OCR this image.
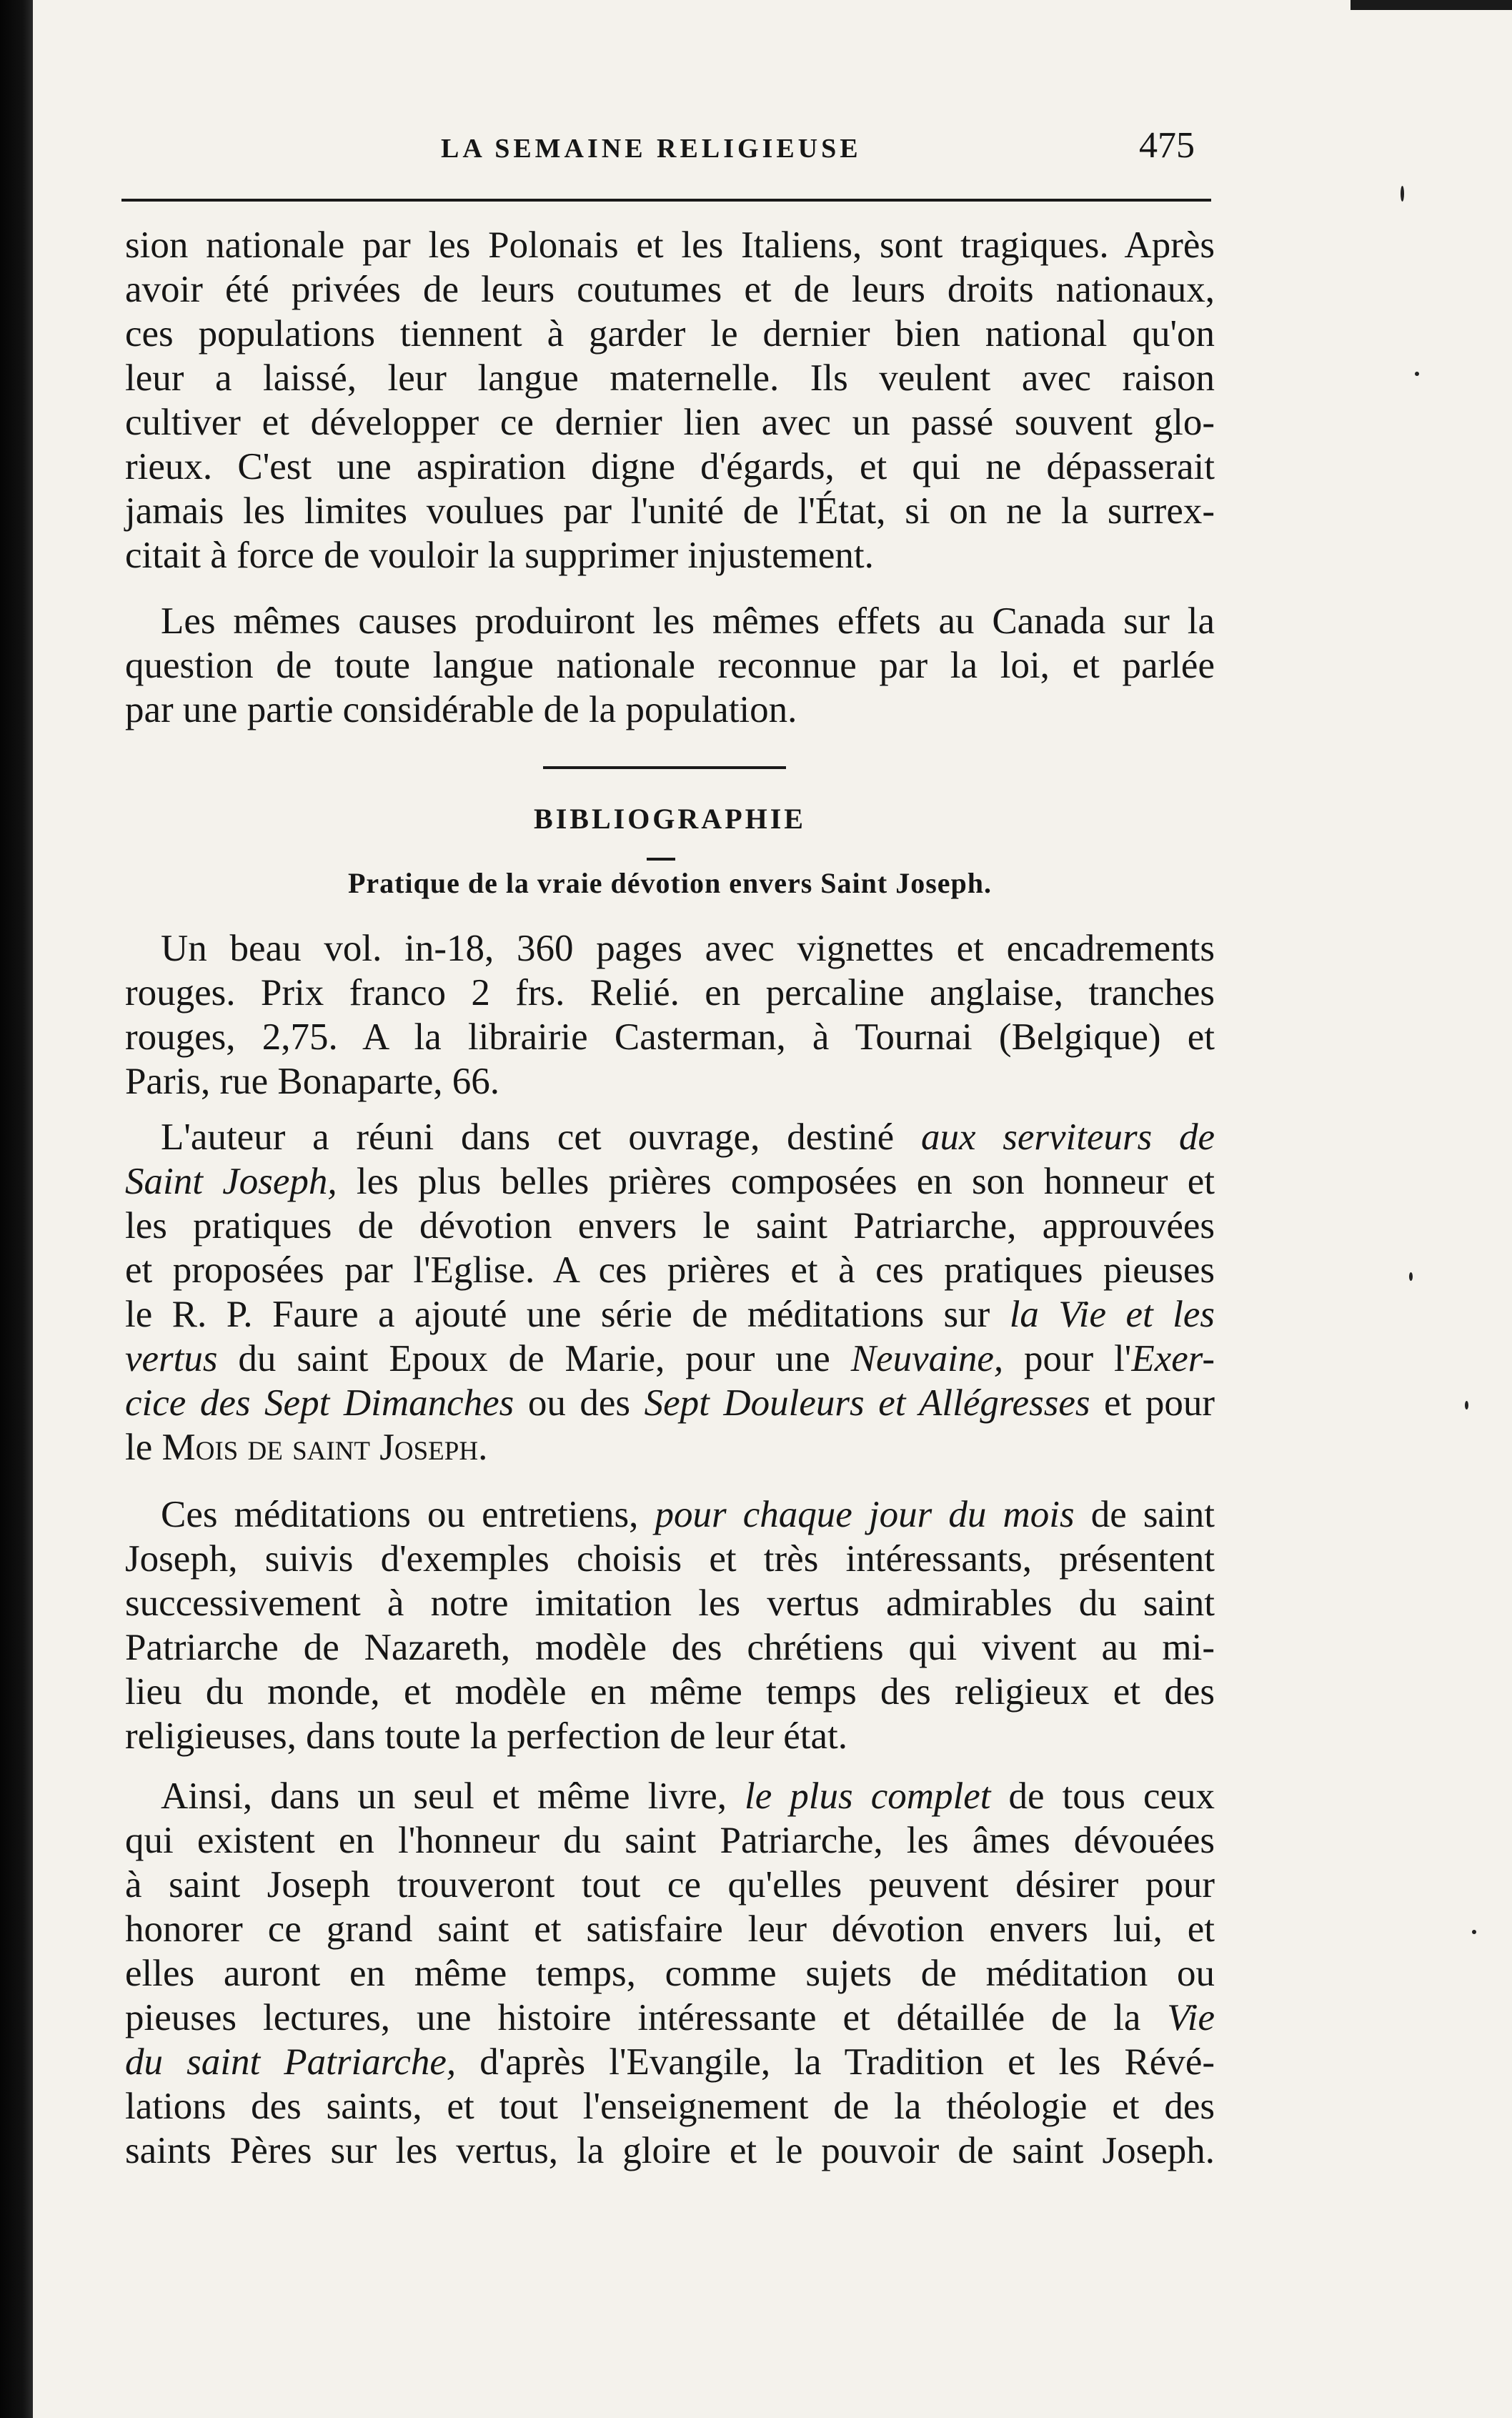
LA SEMAINE RELIGIEUSE	475
sion nationale par les Polonais et les Italiens, sont tragiques. Après
avoir été privées de leurs coutumes et de leurs droits nationaux,
ces populations tiennent à garder le dernier bien national qu'on
leur a laissé, leur langue maternelle. Ils veulent avec raison
cultiver et développer ce dernier lien avec un passé souvent glo-
rieux. C'est une aspiration digne d'égards, et qui ne dépasserait
jamais les limites voulues par l'unité de l'État, si on ne la surrex-
citait à force de vouloir la supprimer injustement.
Les mêmes causes produiront les mêmes effets au Canada sur la
question de toute langue nationale reconnue par la loi, et parlée
par une partie considérable de la population.
BIBLIOGRAPHIE
Pratique de la vraie dévotion envers Saint Joseph.
Un beau vol. in-18, 360 pages avec vignettes et encadrements
rouges. Prix franco 2 frs. Relié. en percaline anglaise, tranches
rouges, 2,75. A la librairie Casterman, à Tournai (Belgique) et
Paris, rue Bonaparte, 66.
L'auteur a réuni dans cet ouvrage, destiné aux serviteurs de
Saint Joseph, les plus belles prières composées en son honneur et
les pratiques de dévotion envers le saint Patriarche, approuvées
et proposées par l'Eglise. A ces prières et à ces pratiques pieuses
le R. P. Faure a ajouté une série de méditations sur la Vie et les
vertus du saint Epoux de Marie, pour une Neuvaine, pour l'Exer-
cice des Sept Dimanches ou des Sept Douleurs et Allégresses et pour
le Mois de saint Joseph.
Ces méditations ou entretiens, pour chaque jour du mois de saint
Joseph, suivis d'exemples choisis et très intéressants, présentent
successivement à notre imitation les vertus admirables du saint
Patriarche de Nazareth, modèle des chrétiens qui vivent au mi-
lieu du monde, et modèle en même temps des religieux et des
religieuses, dans toute la perfection de leur état.
Ainsi, dans un seul et même livre, le plus complet de tous ceux
qui existent en l'honneur du saint Patriarche, les âmes dévouées
à saint Joseph trouveront tout ce qu'elles peuvent désirer pour
honorer ce grand saint et satisfaire leur dévotion envers lui, et
elles auront en même temps, comme sujets de méditation ou
pieuses lectures, une histoire intéressante et détaillée de la Vie
du saint Patriarche, d'après l'Evangile, la Tradition et les Révé-
lations des saints, et tout l'enseignement de la théologie et des
saints Pères sur les vertus, la gloire et le pouvoir de saint Joseph.
